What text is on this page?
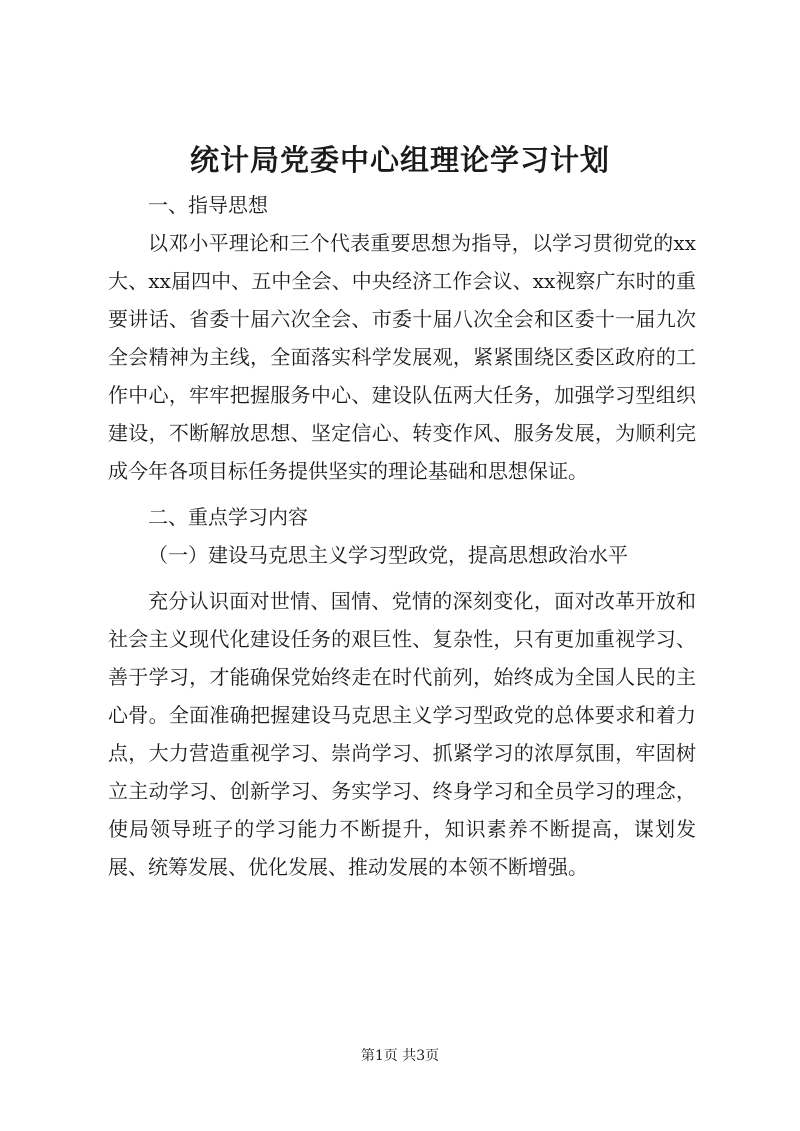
统计局党委中心组理论学习计划

一、指导思想

以邓小平理论和三个代表重要思想为指导，以学习贯彻党的xx大、xx届四中、五中全会、中央经济工作会议、xx视察广东时的重要讲话、省委十届六次全会、市委十届八次全会和区委十一届九次全会精神为主线，全面落实科学发展观，紧紧围绕区委区政府的工作中心，牢牢把握服务中心、建设队伍两大任务，加强学习型组织建设，不断解放思想、坚定信心、转变作风、服务发展，为顺利完成今年各项目标任务提供坚实的理论基础和思想保证。

二、重点学习内容

（一）建设马克思主义学习型政党，提高思想政治水平

充分认识面对世情、国情、党情的深刻变化，面对改革开放和社会主义现代化建设任务的艰巨性、复杂性，只有更加重视学习、善于学习，才能确保党始终走在时代前列，始终成为全国人民的主心骨。全面准确把握建设马克思主义学习型政党的总体要求和着力点，大力营造重视学习、崇尚学习、抓紧学习的浓厚氛围，牢固树立主动学习、创新学习、务实学习、终身学习和全员学习的理念，使局领导班子的学习能力不断提升，知识素养不断提高，谋划发展、统筹发展、优化发展、推动发展的本领不断增强。

第1页 共3页
